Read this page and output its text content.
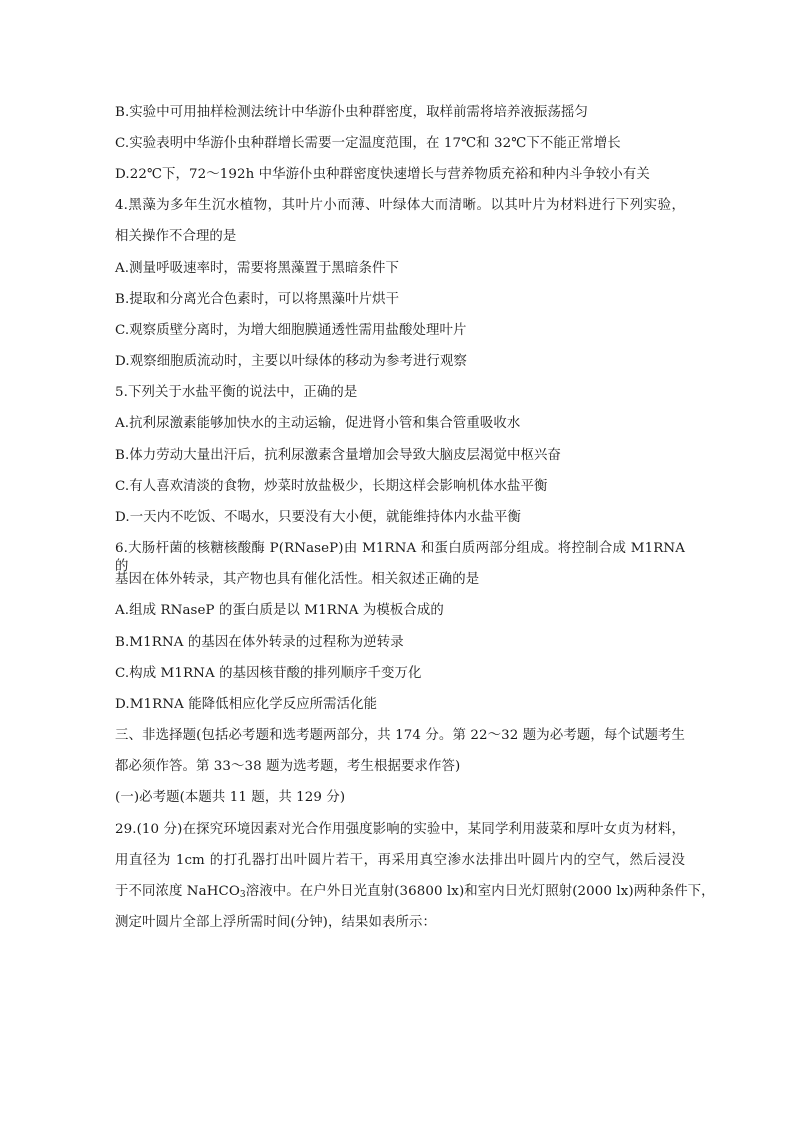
B.实验中可用抽样检测法统计中华游仆虫种群密度，取样前需将培养液振荡摇匀
C.实验表明中华游仆虫种群增长需要一定温度范围，在 17℃和 32℃下不能正常增长
D.22℃下，72～192h 中华游仆虫种群密度快速增长与营养物质充裕和种内斗争较小有关
4.黑藻为多年生沉水植物，其叶片小而薄、叶绿体大而清晰。以其叶片为材料进行下列实验，
相关操作不合理的是
A.测量呼吸速率时，需要将黑藻置于黑暗条件下
B.提取和分离光合色素时，可以将黑藻叶片烘干
C.观察质壁分离时，为增大细胞膜通透性需用盐酸处理叶片
D.观察细胞质流动时，主要以叶绿体的移动为参考进行观察
5.下列关于水盐平衡的说法中，正确的是
A.抗利尿激素能够加快水的主动运输，促进肾小管和集合管重吸收水
B.体力劳动大量出汗后，抗利尿激素含量增加会导致大脑皮层渴觉中枢兴奋
C.有人喜欢清淡的食物，炒菜时放盐极少，长期这样会影响机体水盐平衡
D.一天内不吃饭、不喝水，只要没有大小便，就能维持体内水盐平衡
6.大肠杆菌的核糖核酸酶 P(RNaseP)由 M1RNA 和蛋白质两部分组成。将控制合成 M1RNA 的
基因在体外转录，其产物也具有催化活性。相关叙述正确的是
A.组成 RNaseP 的蛋白质是以 M1RNA 为模板合成的
B.M1RNA 的基因在体外转录的过程称为逆转录
C.构成 M1RNA 的基因核苷酸的排列顺序千变万化
D.M1RNA 能降低相应化学反应所需活化能
三、非选择题(包括必考题和选考题两部分，共 174 分。第 22～32 题为必考题，每个试题考生
都必须作答。第 33～38 题为选考题，考生根据要求作答)
(一)必考题(本题共 11 题，共 129 分)
29.(10 分)在探究环境因素对光合作用强度影响的实验中，某同学利用菠菜和厚叶女贞为材料，
用直径为 1cm 的打孔器打出叶圆片若干，再采用真空渗水法排出叶圆片内的空气，然后浸没
于不同浓度 NaHCO$_3$溶液中。在户外日光直射(36800 lx)和室内日光灯照射(2000 lx)两种条件下，
测定叶圆片全部上浮所需时间(分钟)，结果如表所示：
